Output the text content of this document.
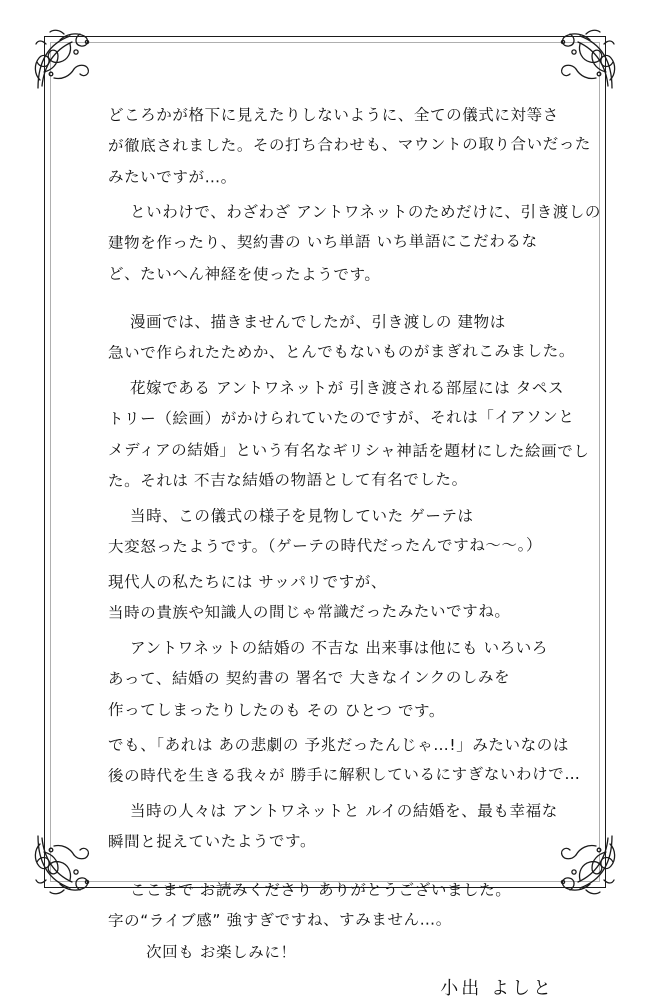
どころかが格下に見えたりしないように、全ての儀式に対等さ
が徹底されました。その打ち合わせも、マウントの取り合いだった
みたいですが…。

といわけで、わざわざ アントワネットのためだけに、引き渡しの
建物を作ったり、契約書の いち単語 いち単語にこだわるな
ど、たいへん神経を使ったようです。

漫画では、描きませんでしたが、引き渡しの 建物は
急いで作られたためか、とんでもないものがまぎれこみました。

花嫁である アントワネットが 引き渡される部屋には タペス
トリー（絵画）がかけられていたのですが、それは「イアソンと
メディアの結婚」という有名なギリシャ神話を題材にした絵画でし
た。それは 不吉な結婚の物語として有名でした。

当時、この儀式の様子を見物していた ゲーテは
大変怒ったようです。（ゲーテの時代だったんですね〜〜。）

現代人の私たちには サッパリですが、
当時の貴族や知識人の間じゃ常識だったみたいですね。

アントワネットの結婚の 不吉な 出来事は他にも いろいろ
あって、結婚の 契約書の 署名で 大きなインクのしみを
作ってしまったりしたのも その ひとつ です。

でも、「あれは あの悲劇の 予兆だったんじゃ…!」みたいなのは
後の時代を生きる我々が 勝手に解釈しているにすぎないわけで…

当時の人々は アントワネットと ルイの結婚を、最も幸福な
瞬間と捉えていたようです。

ここまで お読みくださり ありがとうございました。
字の“ライブ感” 強すぎですね、すみません…。
　次回も お楽しみに！

小出 よしと
